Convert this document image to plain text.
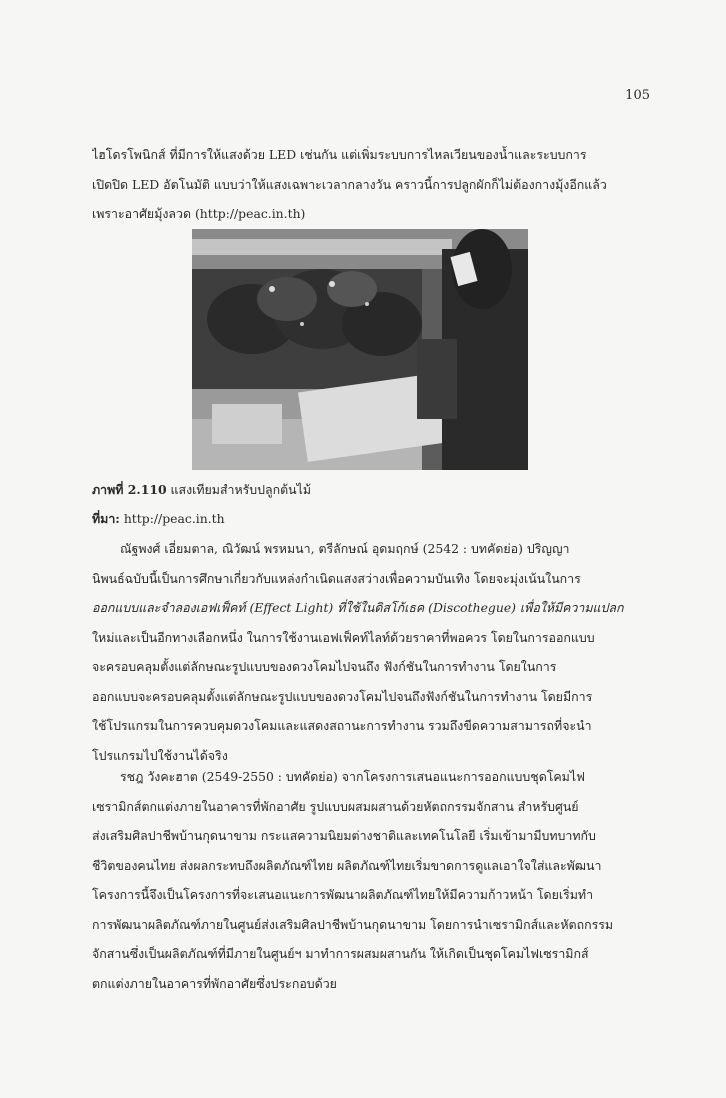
105

ไฮโดรโพนิกส์ ที่มีการให้แสงด้วย LED เช่นกัน แต่เพิ่มระบบการไหลเวียนของน้ำและระบบการ
เปิดปิด LED อัตโนมัติ แบบว่าให้แสงเฉพาะเวลากลางวัน คราวนี้การปลูกผักก็ไม่ต้องกางมุ้งอีกแล้ว
เพราะอาศัยมุ้งลวด (http://peac.in.th)

ภาพที่ 2.110 แสงเทียมสำหรับปลูกต้นไม้
ที่มา: http://peac.in.th

ณัฐพงศ์ เอี่ยมตาล, ณิวัฒน์ พรหมนา, ตรีลักษณ์ อุดมฤกษ์ (2542 : บทคัดย่อ) ปริญญา
นิพนธ์ฉบับนี้เป็นการศึกษาเกี่ยวกับแหล่งกำเนิดแสงสว่างเพื่อความบันเทิง โดยจะมุ่งเน้นในการ
ออกแบบและจำลองเอฟเฟ็คท์ (Effect Light) ที่ใช้ในดิสโก้เธค (Discothegue) เพื่อให้มีความแปลก
ใหม่และเป็นอีกทางเลือกหนึ่ง ในการใช้งานเอฟเฟ็คท์ไลท์ด้วยราคาที่พอควร โดยในการออกแบบ
จะครอบคลุมตั้งแต่ลักษณะรูปแบบของดวงโคมไปจนถึง ฟังก์ชันในการทำงาน โดยในการ
ออกแบบจะครอบคลุมตั้งแต่ลักษณะรูปแบบของดวงโคมไปจนถึงฟังก์ชันในการทำงาน โดยมีการ
ใช้โปรแกรมในการควบคุมดวงโคมและแสดงสถานะการทำงาน รวมถึงขีดความสามารถที่จะนำ
โปรแกรมไปใช้งานได้จริง

รชฎ วังคะฮาต (2549-2550 : บทคัดย่อ) จากโครงการเสนอแนะการออกแบบชุดโคมไฟ
เซรามิกส์ตกแต่งภายในอาคารที่พักอาศัย รูปแบบผสมผสานด้วยหัตถกรรมจักสาน สำหรับศูนย์
ส่งเสริมศิลปาชีพบ้านกุดนาขาม กระแสความนิยมต่างชาติและเทคโนโลยี เริ่มเข้ามามีบทบาทกับ
ชีวิตของคนไทย ส่งผลกระทบถึงผลิตภัณฑ์ไทย ผลิตภัณฑ์ไทยเริ่มขาดการดูแลเอาใจใส่และพัฒนา
โครงการนี้จึงเป็นโครงการที่จะเสนอแนะการพัฒนาผลิตภัณฑ์ไทยให้มีความก้าวหน้า โดยเริ่มทำ
การพัฒนาผลิตภัณฑ์ภายในศูนย์ส่งเสริมศิลปาชีพบ้านกุดนาขาม โดยการนำเซรามิกส์และหัตถกรรม
จักสานซึ่งเป็นผลิตภัณฑ์ที่มีภายในศูนย์ฯ มาทำการผสมผสานกัน ให้เกิดเป็นชุดโคมไฟเซรามิกส์
ตกแต่งภายในอาคารที่พักอาศัยซึ่งประกอบด้วย
